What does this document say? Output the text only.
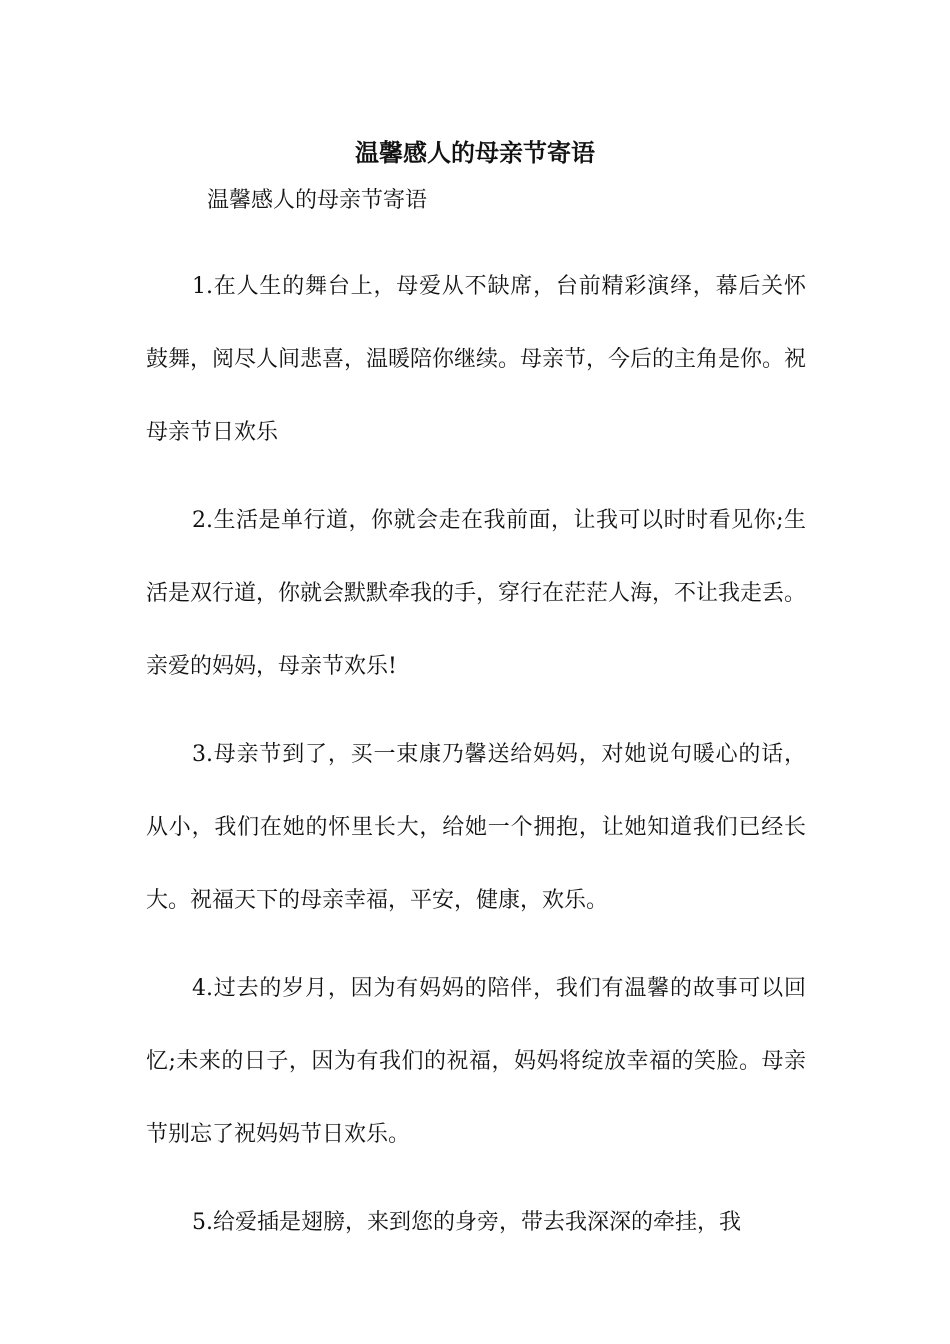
温馨感人的母亲节寄语

温馨感人的母亲节寄语

1.在人生的舞台上，母爱从不缺席，台前精彩演绎，幕后关怀鼓舞，阅尽人间悲喜，温暖陪你继续。母亲节，今后的主角是你。祝母亲节日欢乐

2.生活是单行道，你就会走在我前面，让我可以时时看见你;生活是双行道，你就会默默牵我的手，穿行在茫茫人海，不让我走丢。亲爱的妈妈，母亲节欢乐!

3.母亲节到了，买一束康乃馨送给妈妈，对她说句暖心的话，从小，我们在她的怀里长大，给她一个拥抱，让她知道我们已经长大。祝福天下的母亲幸福，平安，健康，欢乐。

4.过去的岁月，因为有妈妈的陪伴，我们有温馨的故事可以回忆;未来的日子，因为有我们的祝福，妈妈将绽放幸福的笑脸。母亲节别忘了祝妈妈节日欢乐。

5.给爱插是翅膀，来到您的身旁，带去我深深的牵挂，我
